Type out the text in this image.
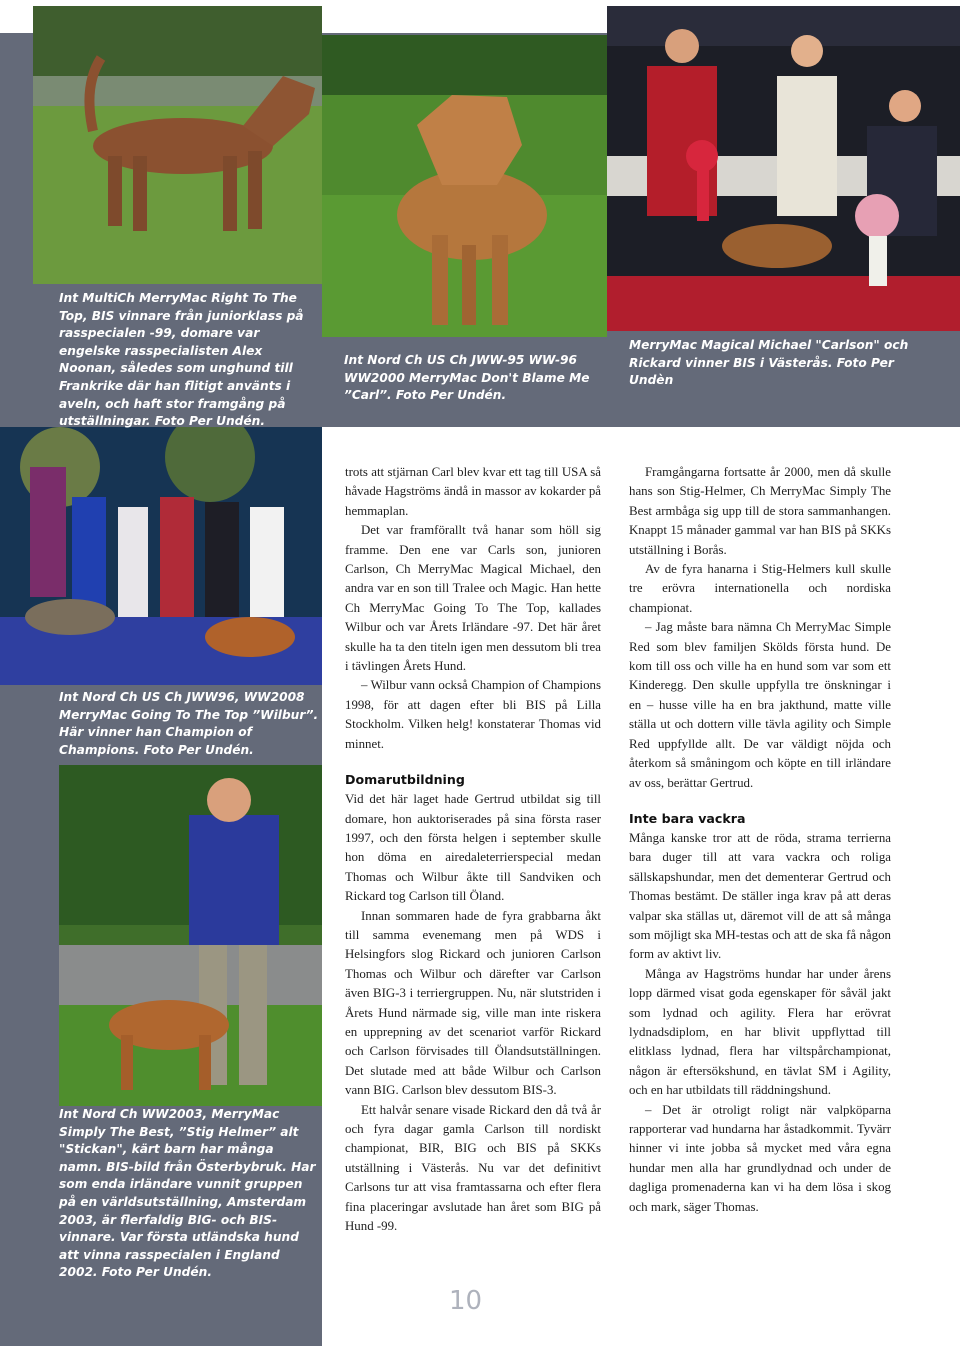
Int MultiCh MerryMac Right To The Top, BIS vinnare från juniorklass på rasspecialen -99, domare var engelske rasspecialisten Alex Noonan, således som unghund till Frankrike där han flitigt använts i aveln, och haft stor framgång på utställningar. Foto Per Undén.
Int Nord Ch US Ch JWW-95 WW-96 WW2000 MerryMac Don't Blame Me ”Carl”. Foto Per Undén.
MerryMac Magical Michael "Carlson" och Rickard vinner BIS i Västerås. Foto Per Undèn
Int Nord Ch US Ch JWW96, WW2008 MerryMac Going To The Top ”Wilbur”. Här vinner han Champion of Champions. Foto Per Undén.
Int Nord Ch WW2003, MerryMac Simply The Best, ”Stig Helmer” alt "Stickan", kärt barn har många namn. BIS-bild från Österbybruk. Har som enda irländare vunnit gruppen på en världsutställning, Amsterdam 2003, är flerfaldig BIG- och BIS-vinnare. Var första utländska hund att vinna rasspecialen i England 2002. Foto Per Undén.

trots att stjärnan Carl blev kvar ett tag till USA så håvade Hagströms ändå in massor av kokarder på hemmaplan.

Det var framförallt två hanar som höll sig framme. Den ene var Carls son, junioren Carlson, Ch MerryMac Magical Michael, den andra var en son till Tralee och Magic. Han hette Ch MerryMac Going To The Top, kallades Wilbur och var Årets Irländare -97. Det här året skulle ha ta den titeln igen men dessutom bli trea i tävlingen Årets Hund.

– Wilbur vann också Champion of Champions 1998, för att dagen efter bli BIS på Lilla Stockholm. Vilken helg! konstaterar Thomas vid minnet.

Domarutbildning

Vid det här laget hade Gertrud utbildat sig till domare, hon auktoriserades på sina första raser 1997, och den första helgen i september skulle hon döma en airedaleterrierspecial medan Thomas och Wilbur åkte till Sandviken och Rickard tog Carlson till Öland.

Innan sommaren hade de fyra grabbarna åkt till samma evenemang men på WDS i Helsingfors slog Rickard och junioren Carlson Thomas och Wilbur och därefter var Carlson även BIG-3 i terriergruppen. Nu, när slutstriden i Årets Hund närmade sig, ville man inte riskera en upprepning av det scenariot varför Rickard och Carlson förvisades till Ölandsutställningen. Det slutade med att både Wilbur och Carlson vann BIG. Carlson blev dessutom BIS-3.

Ett halvår senare visade Rickard den då två år och fyra dagar gamla Carlson till nordiskt championat, BIR, BIG och BIS på SKKs utställning i Västerås. Nu var det definitivt Carlsons tur att visa framtassarna och efter flera fina placeringar avslutade han året som BIG på Hund -99.

Framgångarna fortsatte år 2000, men då skulle hans son Stig-Helmer, Ch MerryMac Simply The Best armbåga sig upp till de stora sammanhangen. Knappt 15 månader gammal var han BIS på SKKs utställning i Borås.

Av de fyra hanarna i Stig-Helmers kull skulle tre erövra internationella och nordiska championat.

– Jag måste bara nämna Ch MerryMac Simple Red som blev familjen Skölds första hund. De kom till oss och ville ha en hund som var som ett Kinderegg. Den skulle uppfylla tre önskningar i en – husse ville ha en bra jakthund, matte ville ställa ut och dottern ville tävla agility och Simple Red uppfyllde allt. De var väldigt nöjda och återkom så småningom och köpte en till irländare av oss, berättar Gertrud.

Inte bara vackra

Många kanske tror att de röda, strama terrierna bara duger till att vara vackra och roliga sällskapshundar, men det dementerar Gertrud och Thomas bestämt. De ställer inga krav på att deras valpar ska ställas ut, däremot vill de att så många som möjligt ska MH-testas och att de ska få någon form av aktivt liv.

Många av Hagströms hundar har under årens lopp därmed visat goda egenskaper för såväl jakt som lydnad och agility. Flera har erövrat lydnadsdiplom, en har blivit uppflyttad till elitklass lydnad, flera har viltspårchampionat, någon är eftersökshund, en tävlat SM i Agility, och en har utbildats till räddningshund.

– Det är otroligt roligt när valpköparna rapporterar vad hundarna har åstadkommit. Tyvärr hinner vi inte jobba så mycket med våra egna hundar men alla har grundlydnad och under de dagliga promenaderna kan vi ha dem lösa i skog och mark, säger Thomas.

10
